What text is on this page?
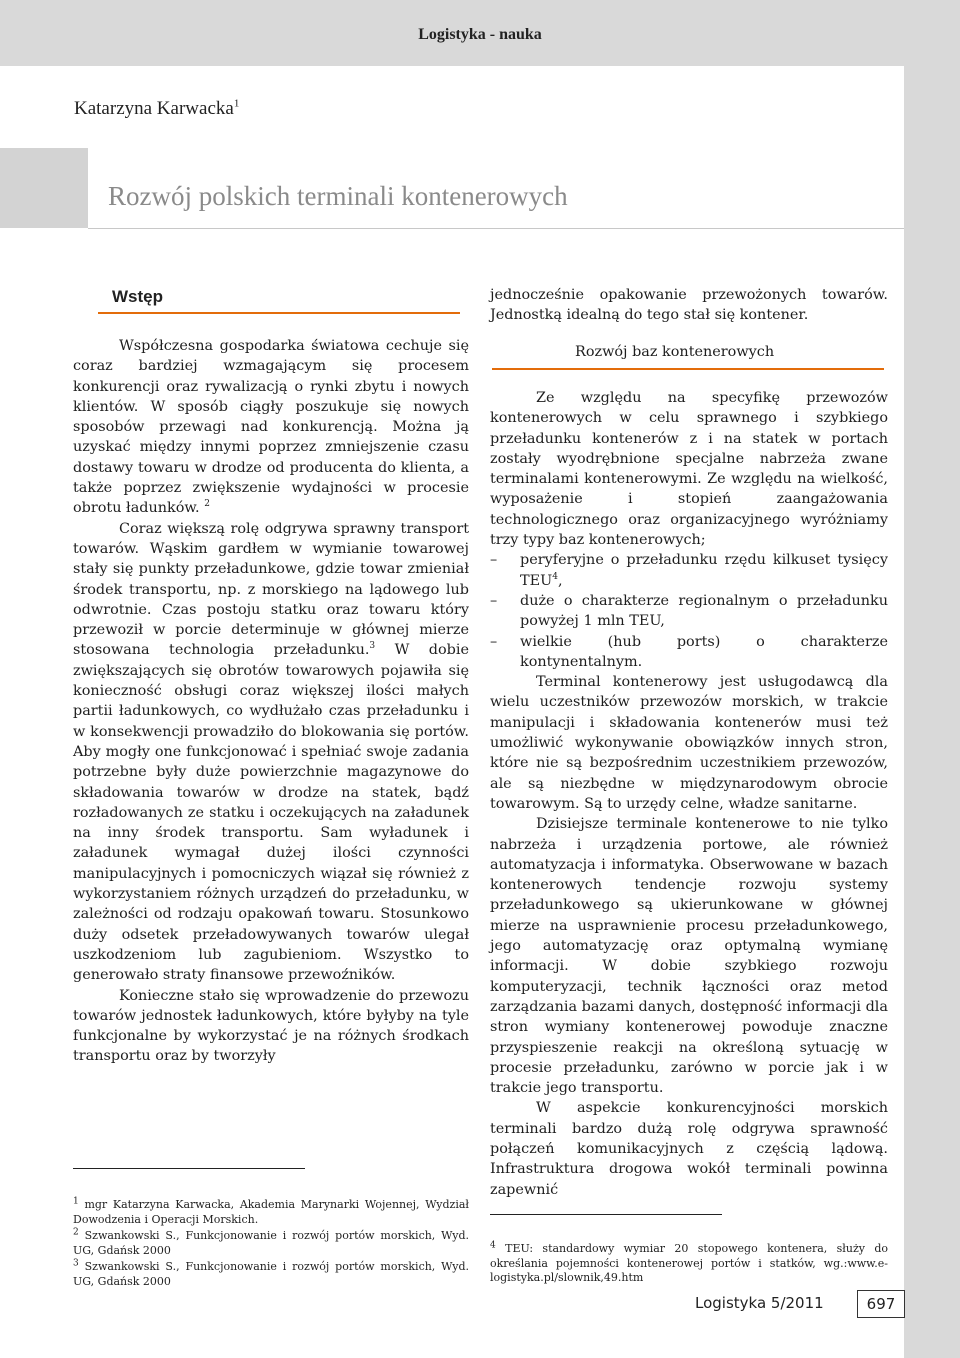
Logistyka - nauka
Katarzyna Karwacka$^1$
Rozwój polskich terminali kontenerowych
Wstęp

Współczesna gospodarka światowa cechuje się coraz bardziej wzmagającym się procesem konkurencji oraz rywalizacją o rynki zbytu i nowych klientów. W sposób ciągły poszukuje się nowych sposobów przewagi nad konkurencją. Można ją uzyskać między innymi poprzez zmniejszenie czasu dostawy towaru w drodze od producenta do klienta, a także poprzez zwiększenie wydajności w procesie obrotu ładunków. $^2$

Coraz większą rolę odgrywa sprawny transport towarów. Wąskim gardłem w wymianie towarowej stały się punkty przeładunkowe, gdzie towar zmieniał środek transportu, np. z morskiego na lądowego lub odwrotnie. Czas postoju statku oraz towaru który przewoził w porcie determinuje w głównej mierze stosowana technologia przeładunku.$^3$ W dobie zwiększających się obrotów towarowych pojawiła się konieczność obsługi coraz większej ilości małych partii ładunkowych, co wydłużało czas przeładunku i w konsekwencji prowadziło do blokowania się portów. Aby mogły one funkcjonować i spełniać swoje zadania potrzebne były duże powierzchnie magazynowe do składowania towarów w drodze na statek, bądź rozładowanych ze statku i oczekujących na załadunek na inny środek transportu. Sam wyładunek i załadunek wymagał dużej ilości czynności manipulacyjnych i pomocniczych wiązał się również z wykorzystaniem różnych urządzeń do przeładunku, w zależności od rodzaju opakowań towaru. Stosunkowo duży odsetek przeładowywanych towarów ulegał uszkodzeniom lub zagubieniom. Wszystko to generowało straty finansowe przewoźników.

Konieczne stało się wprowadzenie do przewozu towarów jednostek ładunkowych, które byłyby na tyle funkcjonalne by wykorzystać je na różnych środkach transportu oraz by tworzyły

jednocześnie opakowanie przewożonych towarów. Jednostką idealną do tego stał się kontener.

Rozwój baz kontenerowych

Ze względu na specyfikę przewozów kontenerowych w celu sprawnego i szybkiego przeładunku kontenerów z i na statek w portach zostały wyodrębnione specjalne nabrzeża zwane terminalami kontenerowymi. Ze względu na wielkość, wyposażenie i stopień zaangażowania technologicznego oraz organizacyjnego wyróżniamy trzy typy baz kontenerowych;

– peryferyjne o przeładunku rzędu kilkuset tysięcy TEU$^4$,
– duże o charakterze regionalnym o przeładunku powyżej 1 mln TEU,
– wielkie (hub ports) o charakterze kontynentalnym.

Terminal kontenerowy jest usługodawcą dla wielu uczestników przewozów morskich, w trakcie manipulacji i składowania kontenerów musi też umożliwić wykonywanie obowiązków innych stron, które nie są bezpośrednim uczestnikiem przewozów, ale są niezbędne w międzynarodowym obrocie towarowym. Są to urzędy celne, władze sanitarne.

Dzisiejsze terminale kontenerowe to nie tylko nabrzeża i urządzenia portowe, ale również automatyzacja i informatyka. Obserwowane w bazach kontenerowych tendencje rozwoju systemy przeładunkowego są ukierunkowane w głównej mierze na usprawnienie procesu przeładunkowego, jego automatyzację oraz optymalną wymianę informacji. W dobie szybkiego rozwoju komputeryzacji, technik łączności oraz metod zarządzania bazami danych, dostępność informacji dla stron wymiany kontenerowej powoduje znaczne przyspieszenie reakcji na określoną sytuację w procesie przeładunku, zarówno w porcie jak i w trakcie jego transportu.

W aspekcie konkurencyjności morskich terminali bardzo dużą rolę odgrywa sprawność połączeń komunikacyjnych z częścią lądową. Infrastruktura drogowa wokół terminali powinna zapewnić

$^1$ mgr Katarzyna Karwacka, Akademia Marynarki Wojennej, Wydział Dowodzenia i Operacji Morskich.

$^2$ Szwankowski S., Funkcjonowanie i rozwój portów morskich, Wyd. UG, Gdańsk 2000

$^3$ Szwankowski S., Funkcjonowanie i rozwój portów morskich, Wyd. UG, Gdańsk 2000

$^4$ TEU: standardowy wymiar 20 stopowego kontenera, służy do określania pojemności kontenerowej portów i statków, wg.:www.e-logistyka.pl/slownik,49.htm

Logistyka 5/2011	697
